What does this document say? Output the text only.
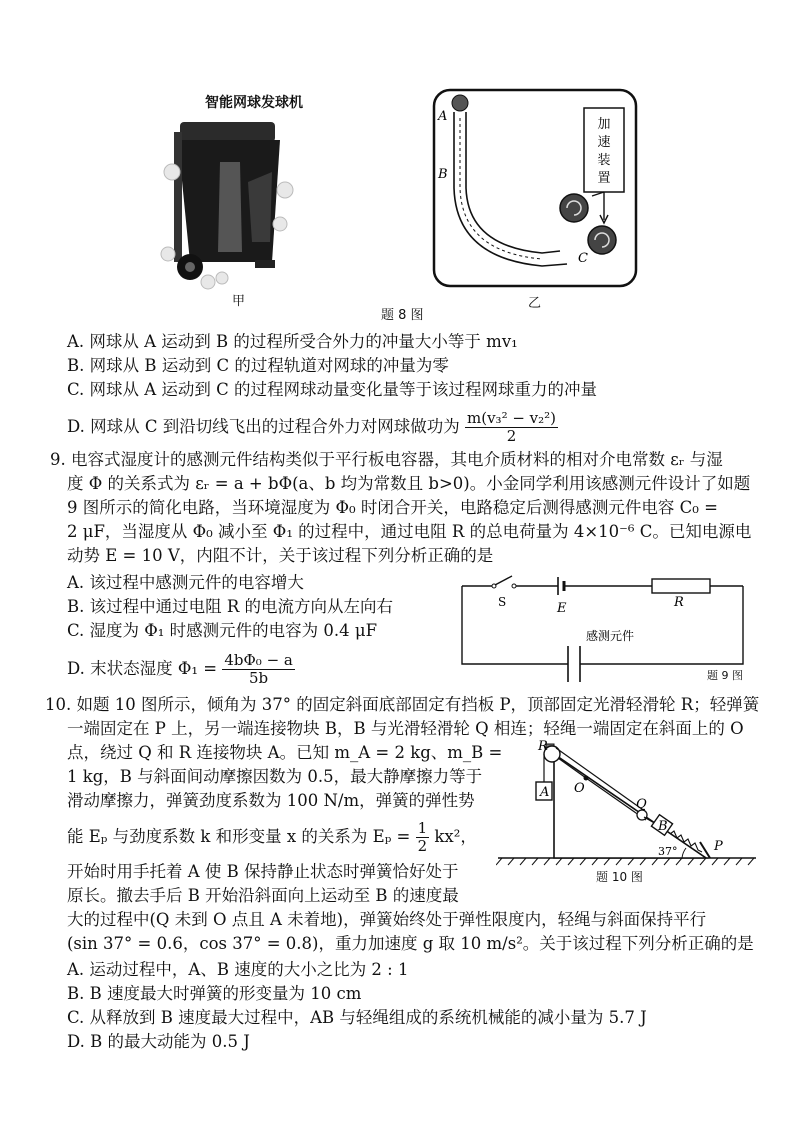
智能网球发球机
甲
加
速
装
置
A
B
C
乙
题 8 图
A. 网球从 A 运动到 B 的过程所受合外力的冲量大小等于 mv₁
B. 网球从 B 运动到 C 的过程轨道对网球的冲量为零
C. 网球从 A 运动到 C 的过程网球动量变化量等于该过程网球重力的冲量
D. 网球从 C 到沿切线飞出的过程合外力对网球做功为 $\frac{\text{m(v₃² − v₂²)}}{2}$
9. 电容式湿度计的感测元件结构类似于平行板电容器，其电介质材料的相对介电常数 εᵣ 与湿
度 Φ 的关系式为 εᵣ = a + bΦ(a、b 均为常数且 b>0)。小金同学利用该感测元件设计了如题
9 图所示的简化电路，当环境湿度为 Φ₀ 时闭合开关，电路稳定后测得感测元件电容 C₀ =
2 μF，当湿度从 Φ₀ 减小至 Φ₁ 的过程中，通过电阻 R 的总电荷量为 4×10⁻⁶ C。已知电源电
动势 E = 10 V，内阻不计，关于该过程下列分析正确的是
A. 该过程中感测元件的电容增大
B. 该过程中通过电阻 R 的电流方向从左向右
C. 湿度为 Φ₁ 时感测元件的电容为 0.4 μF
D. 末状态湿度 $\Phi_1 = \frac{\text{4bΦ₀ − a}}{5b}$
S	E	R
感测元件
题 9 图
10. 如题 10 图所示，倾角为 37° 的固定斜面底部固定有挡板 P，顶部固定光滑轻滑轮 R；轻弹簧
一端固定在 P 上，另一端连接物块 B，B 与光滑轻滑轮 Q 相连；轻绳一端固定在斜面上的 O
点，绕过 Q 和 R 连接物块 A。已知 m_A = 2 kg、m_B =
1 kg，B 与斜面间动摩擦因数为 0.5，最大静摩擦力等于
滑动摩擦力，弹簧劲度系数为 100 N/m，弹簧的弹性势
能 Eₚ 与劲度系数 k 和形变量 x 的关系为 $E_p = \frac{1}{2} kx^2$，
开始时用手托着 A 使 B 保持静止状态时弹簧恰好处于
原长。撤去手后 B 开始沿斜面向上运动至 B 的速度最
大的过程中(Q 未到 O 点且 A 未着地)，弹簧始终处于弹性限度内，轻绳与斜面保持平行
(sin 37° = 0.6，cos 37° = 0.8)，重力加速度 g 取 10 m/s²。关于该过程下列分析正确的是
A. 运动过程中，A、B 速度的大小之比为 2 : 1
B. B 速度最大时弹簧的形变量为 10 cm
C. 从释放到 B 速度最大过程中，AB 与轻绳组成的系统机械能的减小量为 5.7 J
D. B 的最大动能为 0.5 J
R
A O
Q
B
P
37°
题 10 图
